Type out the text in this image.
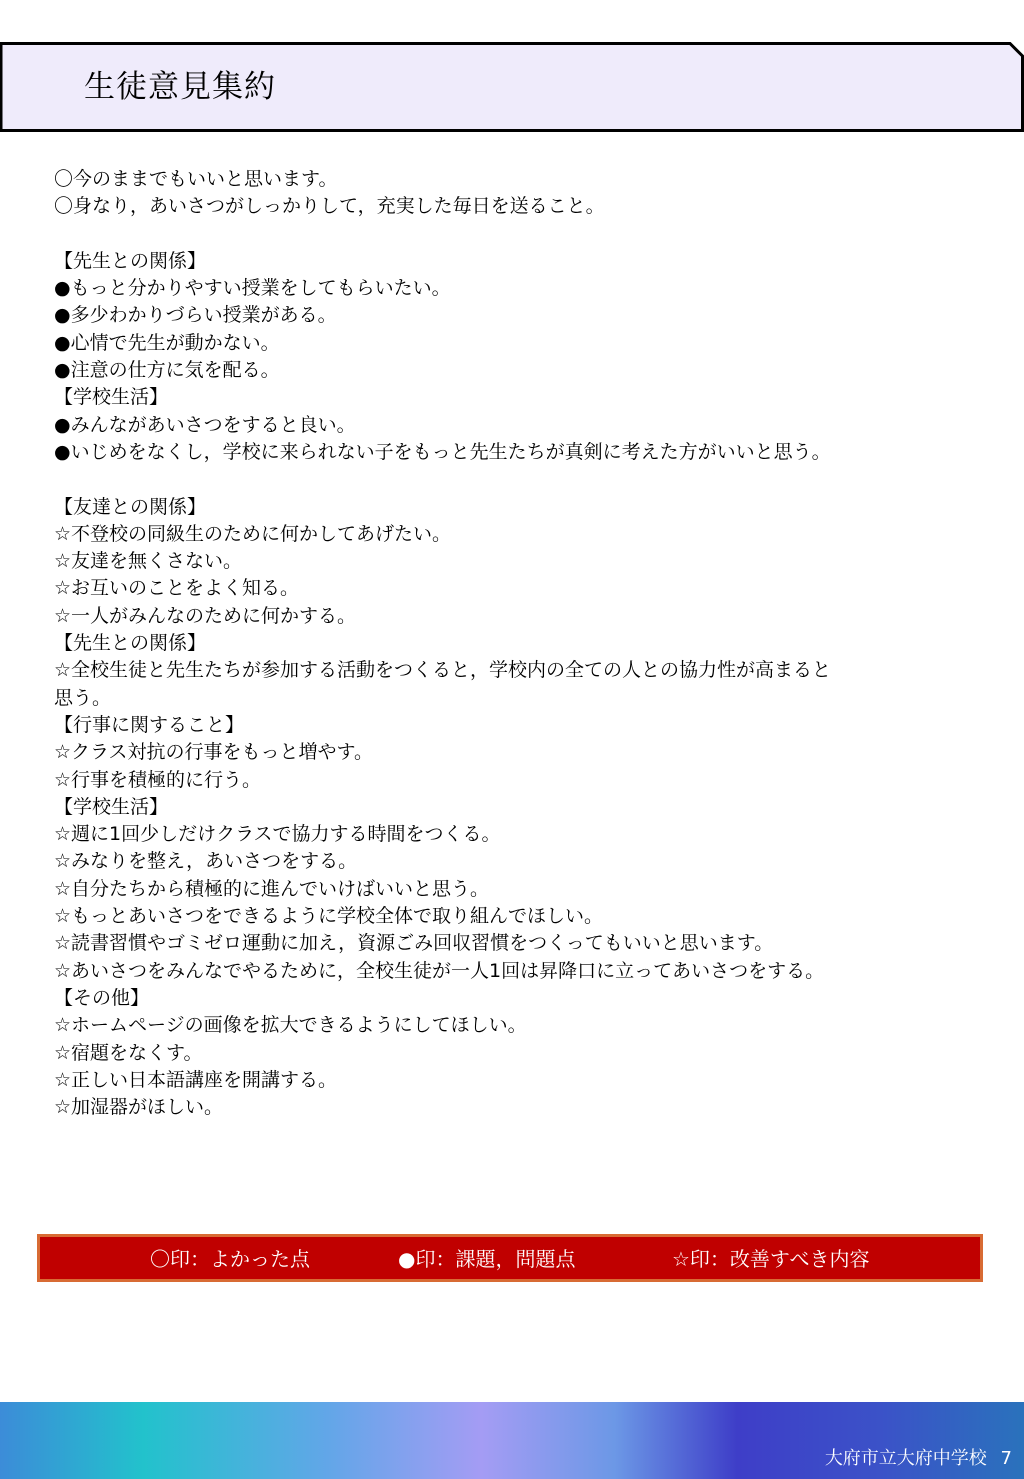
生徒意見集約
〇今のままでもいいと思います。
〇身なり，あいさつがしっかりして，充実した毎日を送ること。
【先生との関係】
●もっと分かりやすい授業をしてもらいたい。
●多少わかりづらい授業がある。
●心情で先生が動かない。
●注意の仕方に気を配る。
【学校生活】
●みんながあいさつをすると良い。
●いじめをなくし，学校に来られない子をもっと先生たちが真剣に考えた方がいいと思う。
【友達との関係】
☆不登校の同級生のために何かしてあげたい。
☆友達を無くさない。
☆お互いのことをよく知る。
☆一人がみんなのために何かする。
【先生との関係】
☆全校生徒と先生たちが参加する活動をつくると，学校内の全ての人との協力性が高まると
思う。
【行事に関すること】
☆クラス対抗の行事をもっと増やす。
☆行事を積極的に行う。
【学校生活】
☆週に1回少しだけクラスで協力する時間をつくる。
☆みなりを整え，あいさつをする。
☆自分たちから積極的に進んでいけばいいと思う。
☆もっとあいさつをできるように学校全体で取り組んでほしい。
☆読書習慣やゴミゼロ運動に加え，資源ごみ回収習慣をつくってもいいと思います。
☆あいさつをみんなでやるために，全校生徒が一人1回は昇降口に立ってあいさつをする。
【その他】
☆ホームページの画像を拡大できるようにしてほしい。
☆宿題をなくす。
☆正しい日本語講座を開講する。
☆加湿器がほしい。
〇印：よかった点	●印：課題，問題点	☆印：改善すべき内容
大府市立大府中学校 7
